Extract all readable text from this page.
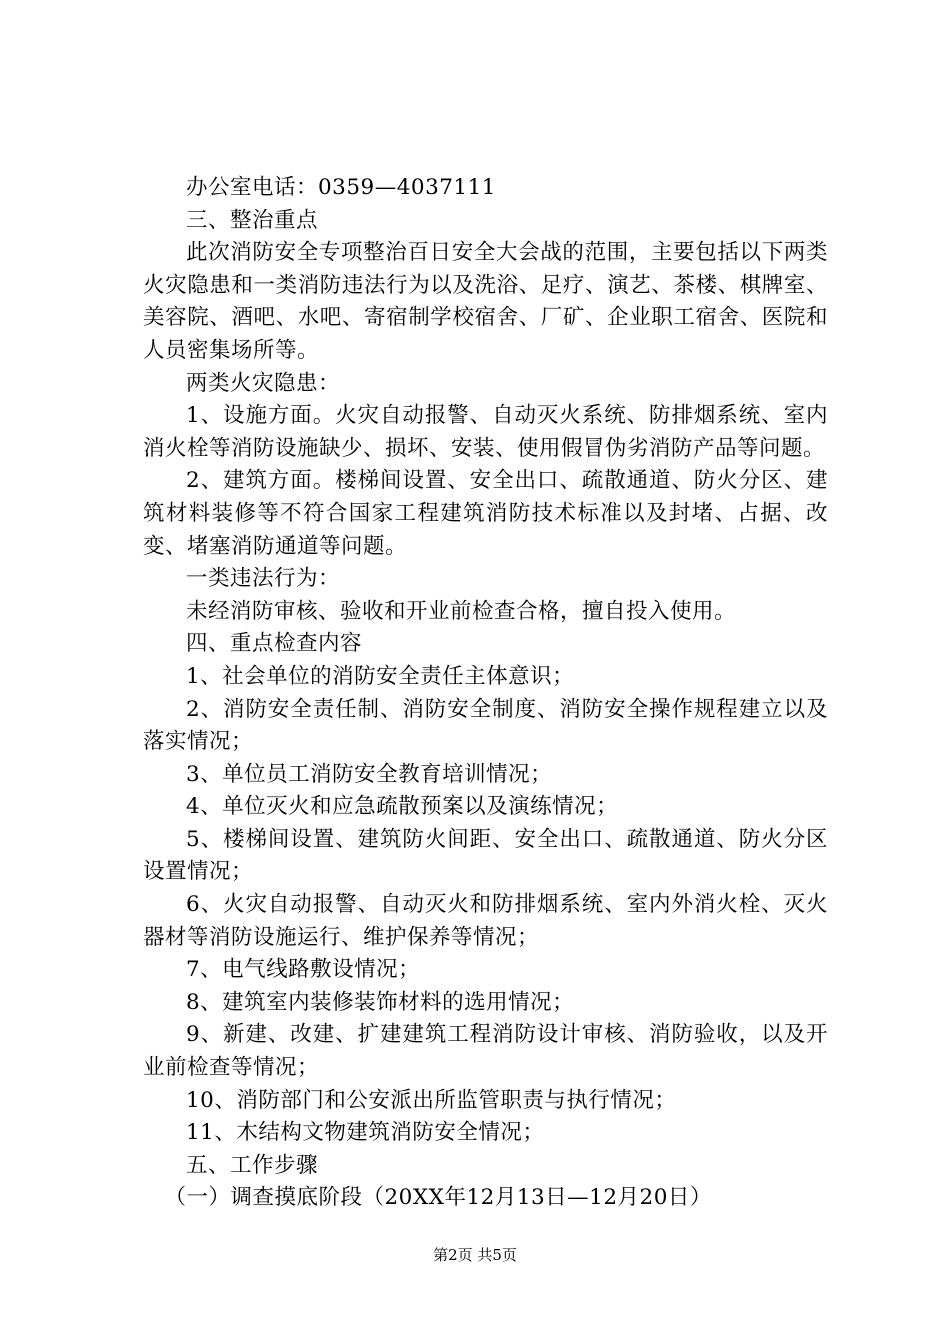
办公室电话：0359—4037111

三、整治重点

此次消防安全专项整治百日安全大会战的范围，主要包括以下两类火灾隐患和一类消防违法行为以及洗浴、足疗、演艺、茶楼、棋牌室、美容院、酒吧、水吧、寄宿制学校宿舍、厂矿、企业职工宿舍、医院和人员密集场所等。

两类火灾隐患：

1、设施方面。火灾自动报警、自动灭火系统、防排烟系统、室内消火栓等消防设施缺少、损坏、安装、使用假冒伪劣消防产品等问题。

2、建筑方面。楼梯间设置、安全出口、疏散通道、防火分区、建筑材料装修等不符合国家工程建筑消防技术标准以及封堵、占据、改变、堵塞消防通道等问题。

一类违法行为：

未经消防审核、验收和开业前检查合格，擅自投入使用。

四、重点检查内容

1、社会单位的消防安全责任主体意识；

2、消防安全责任制、消防安全制度、消防安全操作规程建立以及落实情况；

3、单位员工消防安全教育培训情况；

4、单位灭火和应急疏散预案以及演练情况；

5、楼梯间设置、建筑防火间距、安全出口、疏散通道、防火分区设置情况；

6、火灾自动报警、自动灭火和防排烟系统、室内外消火栓、灭火器材等消防设施运行、维护保养等情况；

7、电气线路敷设情况；

8、建筑室内装修装饰材料的选用情况；

9、新建、改建、扩建建筑工程消防设计审核、消防验收，以及开业前检查等情况；

10、消防部门和公安派出所监管职责与执行情况；

11、木结构文物建筑消防安全情况；

五、工作步骤

（一）调查摸底阶段（20XX年12月13日—12月20日）

第2页 共5页
